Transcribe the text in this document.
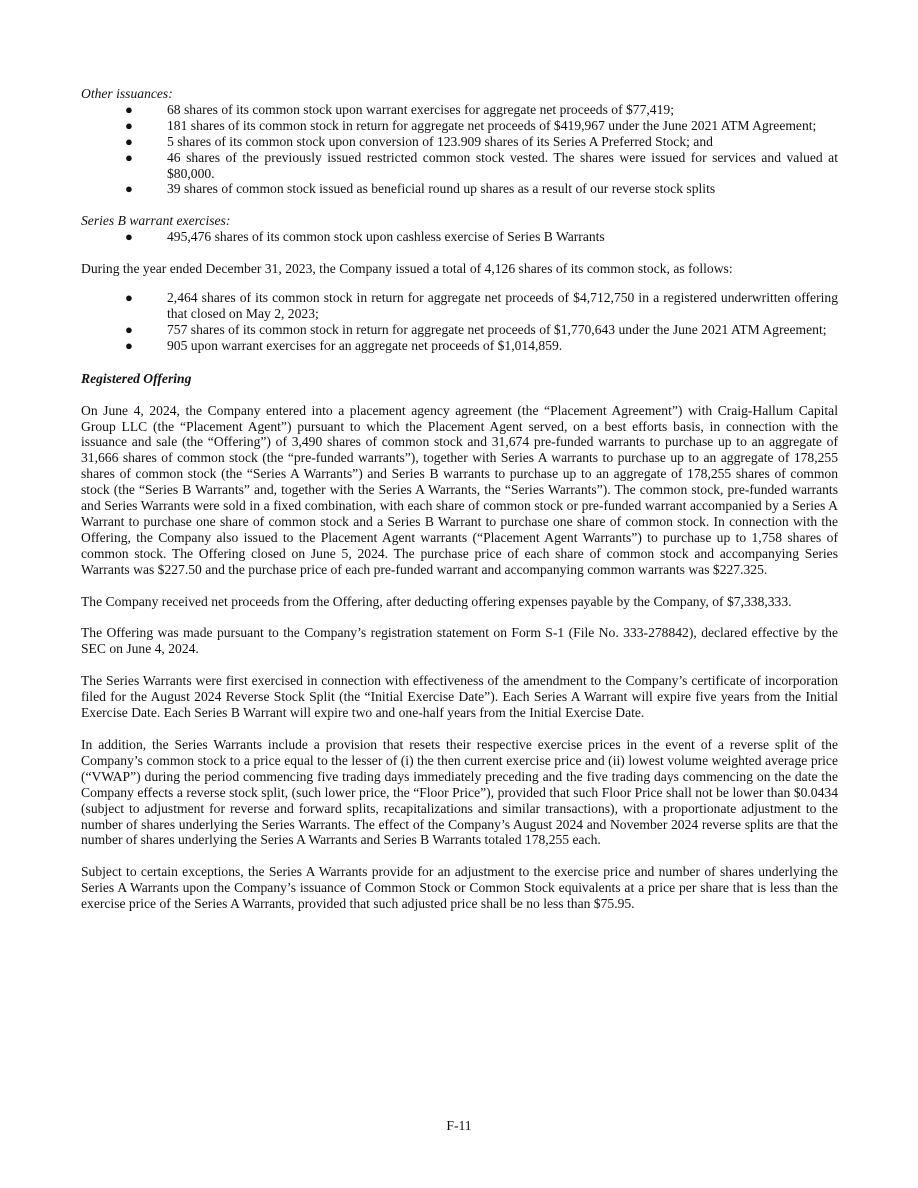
Other issuances:

●	68 shares of its common stock upon warrant exercises for aggregate net proceeds of $77,419;
●	181 shares of its common stock in return for aggregate net proceeds of $419,967 under the June 2021 ATM Agreement;
●	5 shares of its common stock upon conversion of 123.909 shares of its Series A Preferred Stock; and
●	46 shares of the previously issued restricted common stock vested. The shares were issued for services and valued at $80,000.
●	39 shares of common stock issued as beneficial round up shares as a result of our reverse stock splits

Series B warrant exercises:

●	495,476 shares of its common stock upon cashless exercise of Series B Warrants

During the year ended December 31, 2023, the Company issued a total of 4,126 shares of its common stock, as follows:

●	2,464 shares of its common stock in return for aggregate net proceeds of $4,712,750 in a registered underwritten offering that closed on May 2, 2023;
●	757 shares of its common stock in return for aggregate net proceeds of $1,770,643 under the June 2021 ATM Agreement;
●	905 upon warrant exercises for an aggregate net proceeds of $1,014,859.

Registered Offering

On June 4, 2024, the Company entered into a placement agency agreement (the “Placement Agreement”) with Craig-Hallum Capital Group LLC (the “Placement Agent”) pursuant to which the Placement Agent served, on a best efforts basis, in connection with the issuance and sale (the “Offering”) of 3,490 shares of common stock and 31,674 pre-funded warrants to purchase up to an aggregate of 31,666 shares of common stock (the “pre-funded warrants”), together with Series A warrants to purchase up to an aggregate of 178,255 shares of common stock (the “Series A Warrants”) and Series B warrants to purchase up to an aggregate of 178,255 shares of common stock (the “Series B Warrants” and, together with the Series A Warrants, the “Series Warrants”). The common stock, pre-funded warrants and Series Warrants were sold in a fixed combination, with each share of common stock or pre-funded warrant accompanied by a Series A Warrant to purchase one share of common stock and a Series B Warrant to purchase one share of common stock. In connection with the Offering, the Company also issued to the Placement Agent warrants (“Placement Agent Warrants”) to purchase up to 1,758 shares of common stock. The Offering closed on June 5, 2024. The purchase price of each share of common stock and accompanying Series Warrants was $227.50 and the purchase price of each pre-funded warrant and accompanying common warrants was $227.325.

The Company received net proceeds from the Offering, after deducting offering expenses payable by the Company, of $7,338,333.

The Offering was made pursuant to the Company’s registration statement on Form S-1 (File No. 333-278842), declared effective by the SEC on June 4, 2024.

The Series Warrants were first exercised in connection with effectiveness of the amendment to the Company’s certificate of incorporation filed for the August 2024 Reverse Stock Split (the “Initial Exercise Date”). Each Series A Warrant will expire five years from the Initial Exercise Date. Each Series B Warrant will expire two and one-half years from the Initial Exercise Date.

In addition, the Series Warrants include a provision that resets their respective exercise prices in the event of a reverse split of the Company’s common stock to a price equal to the lesser of (i) the then current exercise price and (ii) lowest volume weighted average price (“VWAP”) during the period commencing five trading days immediately preceding and the five trading days commencing on the date the Company effects a reverse stock split, (such lower price, the “Floor Price”), provided that such Floor Price shall not be lower than $0.0434 (subject to adjustment for reverse and forward splits, recapitalizations and similar transactions), with a proportionate adjustment to the number of shares underlying the Series Warrants. The effect of the Company’s August 2024 and November 2024 reverse splits are that the number of shares underlying the Series A Warrants and Series B Warrants totaled 178,255 each.

Subject to certain exceptions, the Series A Warrants provide for an adjustment to the exercise price and number of shares underlying the Series A Warrants upon the Company’s issuance of Common Stock or Common Stock equivalents at a price per share that is less than the exercise price of the Series A Warrants, provided that such adjusted price shall be no less than $75.95.

F-11
